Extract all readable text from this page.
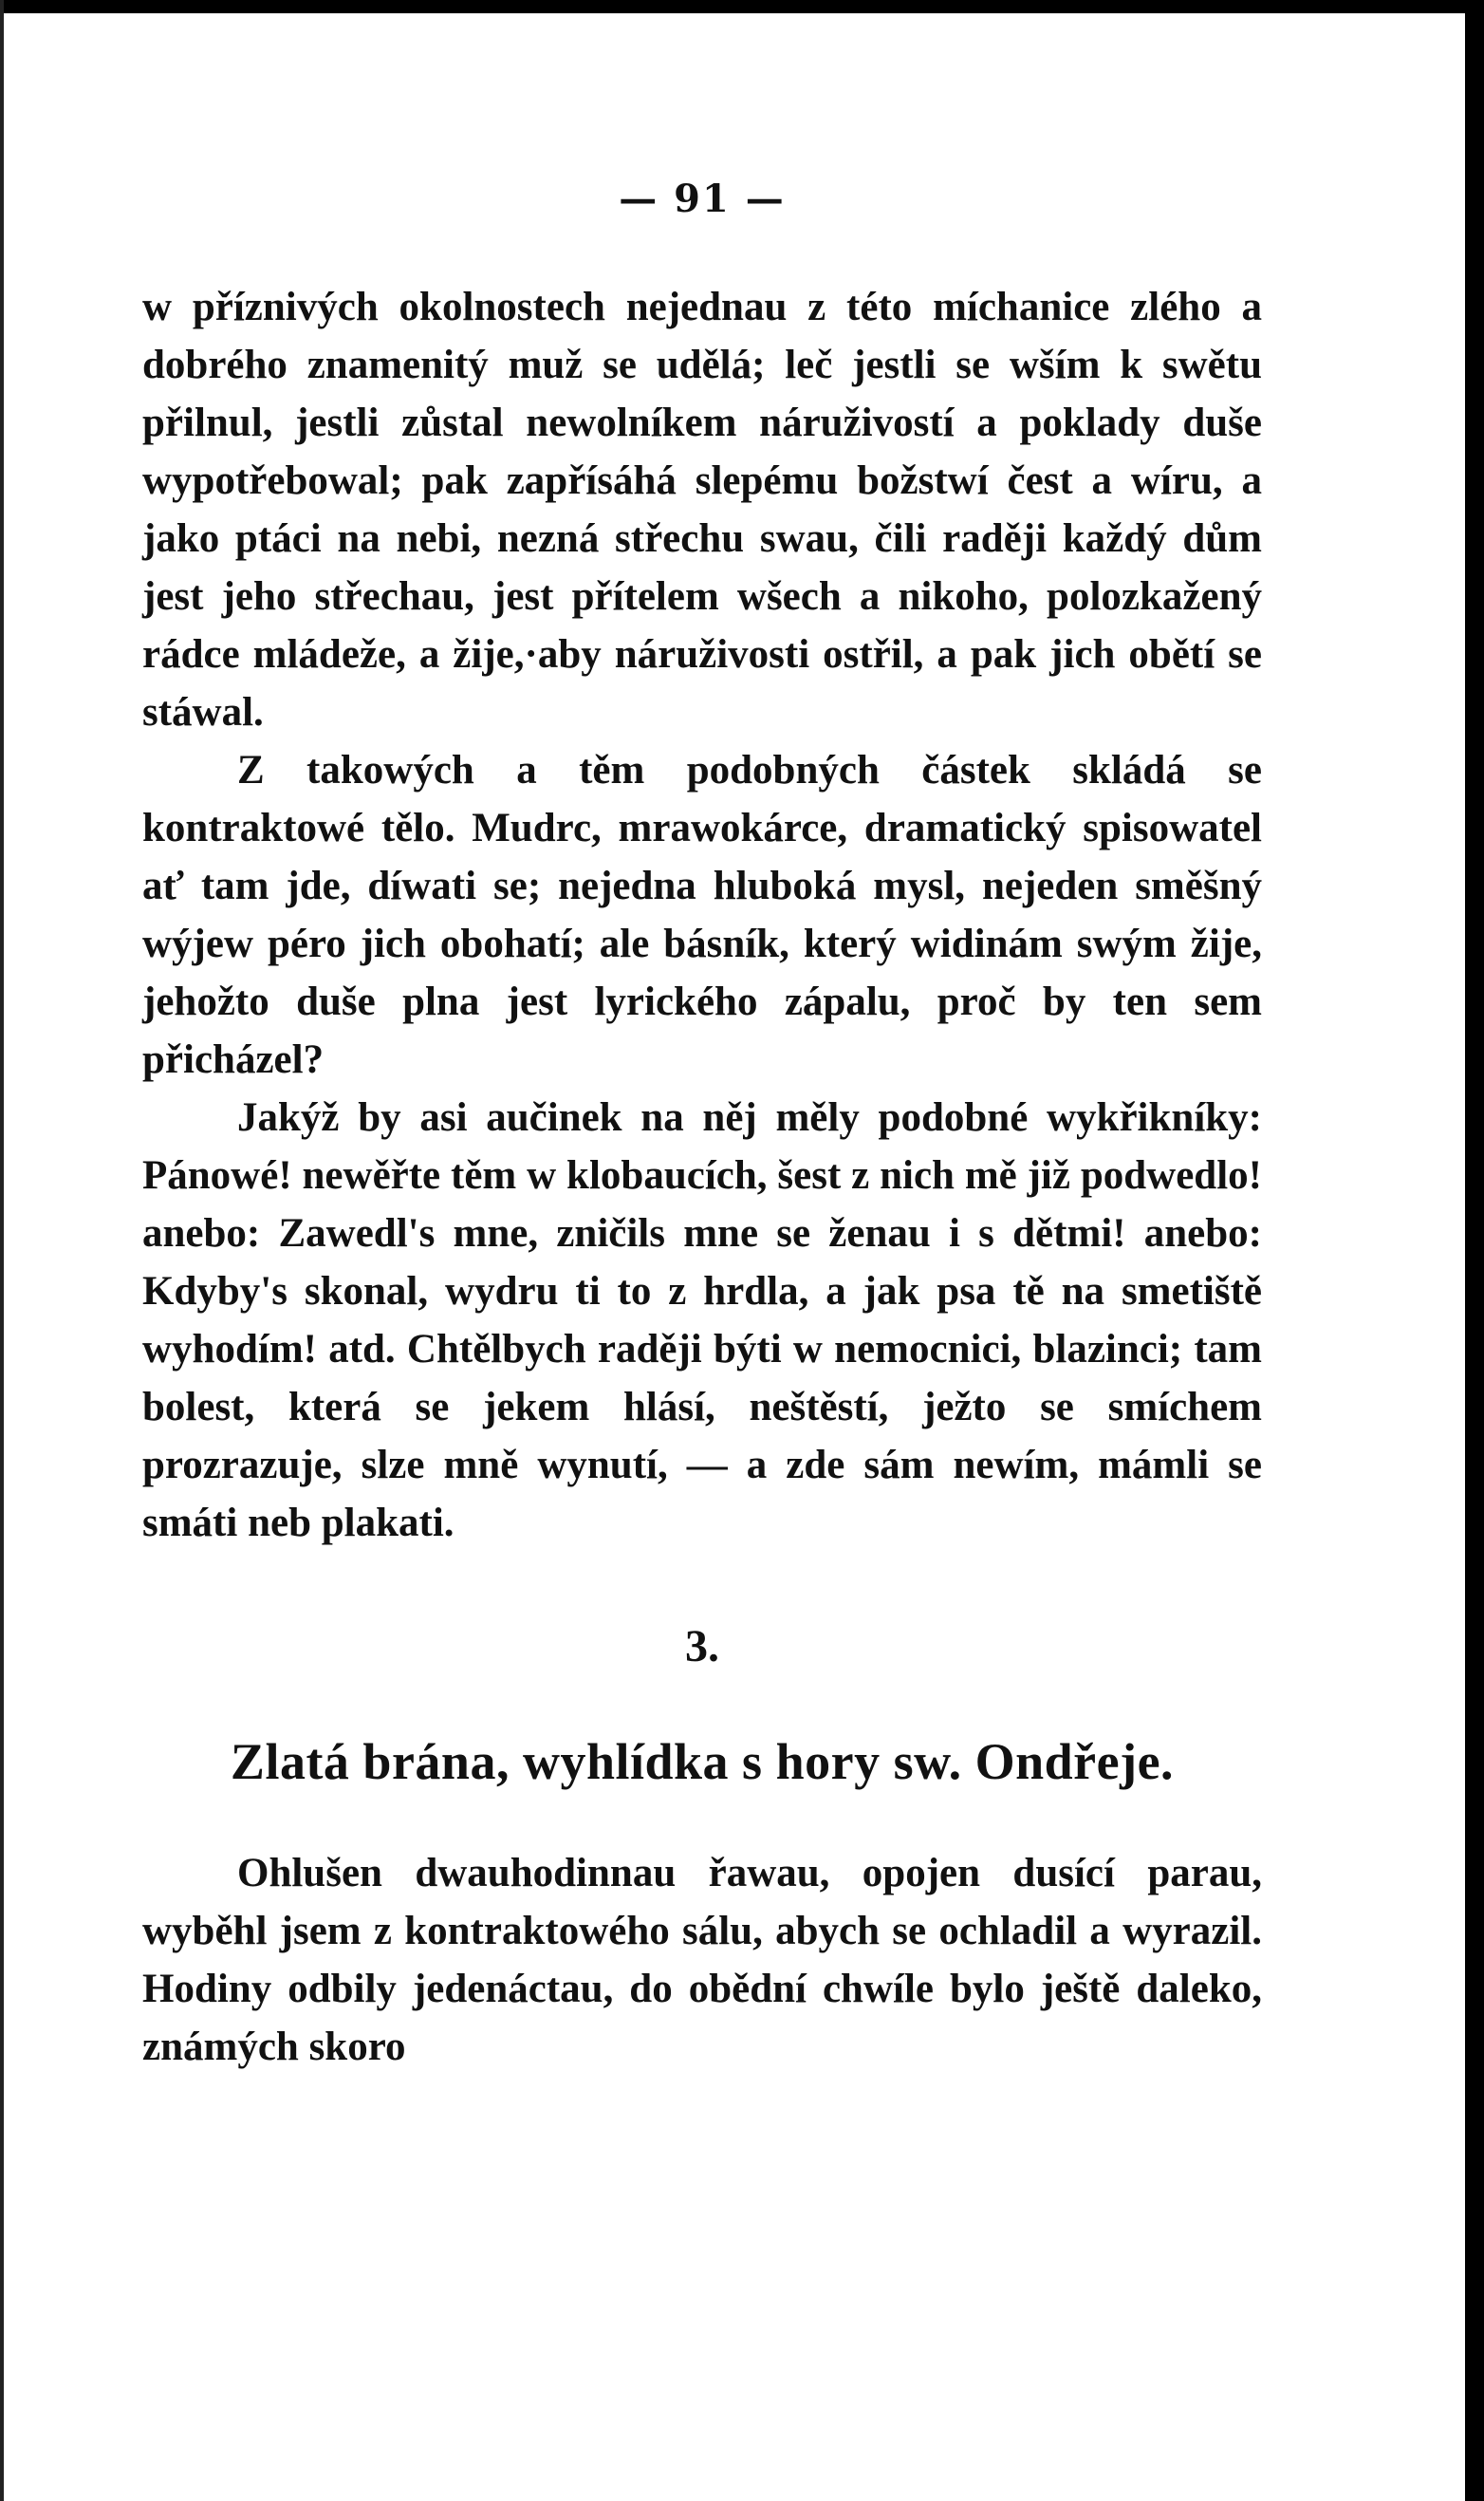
— 91 —

w příznivých okolnostech nejednau z této míchanice zlého a dobrého znamenitý muž se udělá; leč jestli se wším k swětu přilnul, jestli zůstal newolníkem náruživostí a poklady duše wypotřebowal; pak zapřísáhá slepému božstwí čest a wíru, a jako ptáci na nebi, nezná střechu swau, čili raději každý dům jest jeho střechau, jest přítelem wšech a nikoho, polozkažený rádce mládeže, a žije,·aby náruživosti ostřil, a pak jich obětí se stáwal.

Z takowých a těm podobných částek skládá se kontraktowé tělo. Mudrc, mrawokárce, dramatický spisowatel ať tam jde, díwati se; nejedna hluboká mysl, nejeden směšný wýjew péro jich obohatí; ale básník, který widinám swým žije, jehožto duše plna jest lyrického zápalu, proč by ten sem přicházel?

Jakýž by asi aučinek na něj měly podobné wykřikníky: Pánowé! newěřte těm w klobaucích, šest z nich mě již podwedlo! anebo: Zawedl's mne, zničils mne se ženau i s dětmi! anebo: Kdyby's skonal, wydru ti to z hrdla, a jak psa tě na smetiště wyhodím! atd. Chtělbych raději býti w nemocnici, blazinci; tam bolest, která se jekem hlásí, neštěstí, ježto se smíchem prozrazuje, slze mně wynutí, — a zde sám newím, mámli se smáti neb plakati.

3.
Zlatá brána, wyhlídka s hory sw. Ondřeje.

Ohlušen dwauhodinnau řawau, opojen dusící parau, wyběhl jsem z kontraktowého sálu, abych se ochladil a wyrazil. Hodiny odbily jedenáctau, do obědní chwíle bylo ještě daleko, známých skoro
